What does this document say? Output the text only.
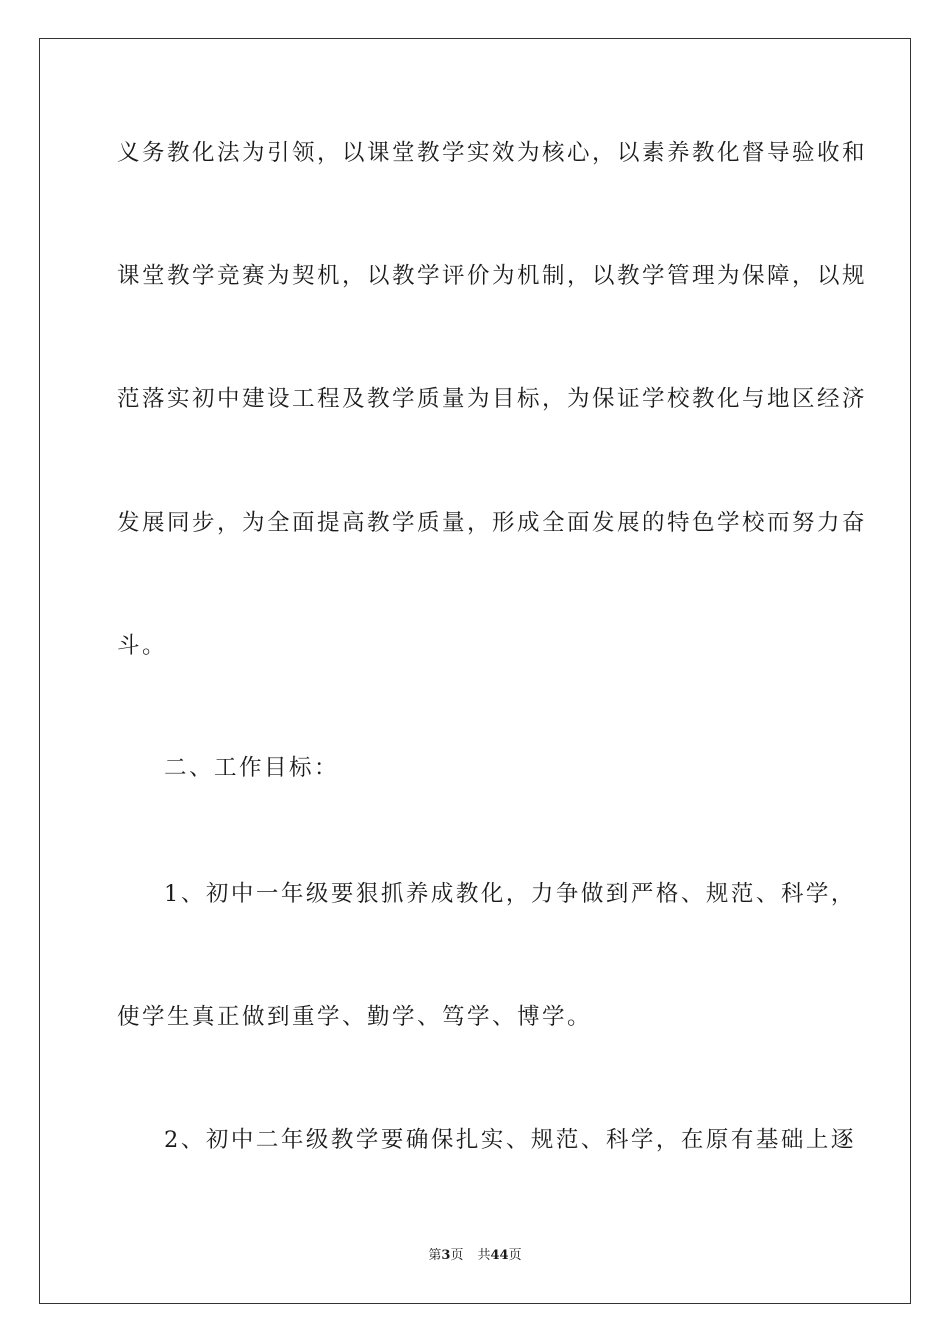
义务教化法为引领，以课堂教学实效为核心，以素养教化督导验收和
课堂教学竞赛为契机，以教学评价为机制，以教学管理为保障，以规
范落实初中建设工程及教学质量为目标，为保证学校教化与地区经济
发展同步，为全面提高教学质量，形成全面发展的特色学校而努力奋
斗。
二、工作目标：
1、初中一年级要狠抓养成教化，力争做到严格、规范、科学，
使学生真正做到重学、勤学、笃学、博学。
2、初中二年级教学要确保扎实、规范、科学，在原有基础上逐
第3页 共44页
